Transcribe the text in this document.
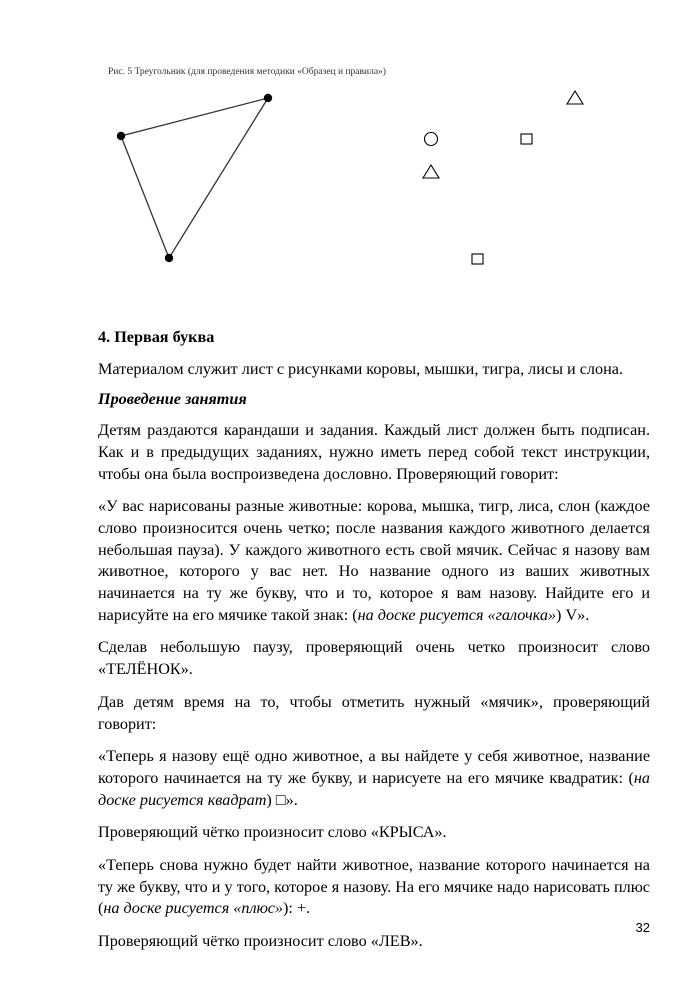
Рис. 5 Треугольник (для проведения методики «Образец и правила»)

4. Первая буква

Материалом служит лист с рисунками коровы, мышки, тигра, лисы и слона.

Проведение занятия

Детям раздаются карандаши и задания. Каждый лист должен быть подписан. Как и в предыдущих заданиях, нужно иметь перед собой текст инструкции, чтобы она была воспроизведена дословно. Проверяющий говорит:

«У вас нарисованы разные животные: корова, мышка, тигр, лиса, слон (каждое слово произносится очень четко; после названия каждого животного делается небольшая пауза). У каждого животного есть свой мячик. Сейчас я назову вам животное, которого у вас нет. Но название одного из ваших животных начинается на ту же букву, что и то, которое я вам назову. Найдите его и нарисуйте на его мячике такой знак: (на доске рисуется «галочка») V».

Сделав небольшую паузу, проверяющий очень четко произносит слово «ТЕЛЁНОК».

Дав детям время на то, чтобы отметить нужный «мячик», проверяющий говорит:

«Теперь я назову ещё одно животное, а вы найдете у себя животное, название которого начинается на ту же букву, и нарисуете на его мячике квадратик: (на доске рисуется квадрат) □».

Проверяющий чётко произносит слово «КРЫСА».

«Теперь снова нужно будет найти животное, название которого начинается на ту же букву, что и у того, которое я назову. На его мячике надо нарисовать плюс (на доске рисуется «плюс»): +.

Проверяющий чётко произносит слово «ЛЕВ».

32
